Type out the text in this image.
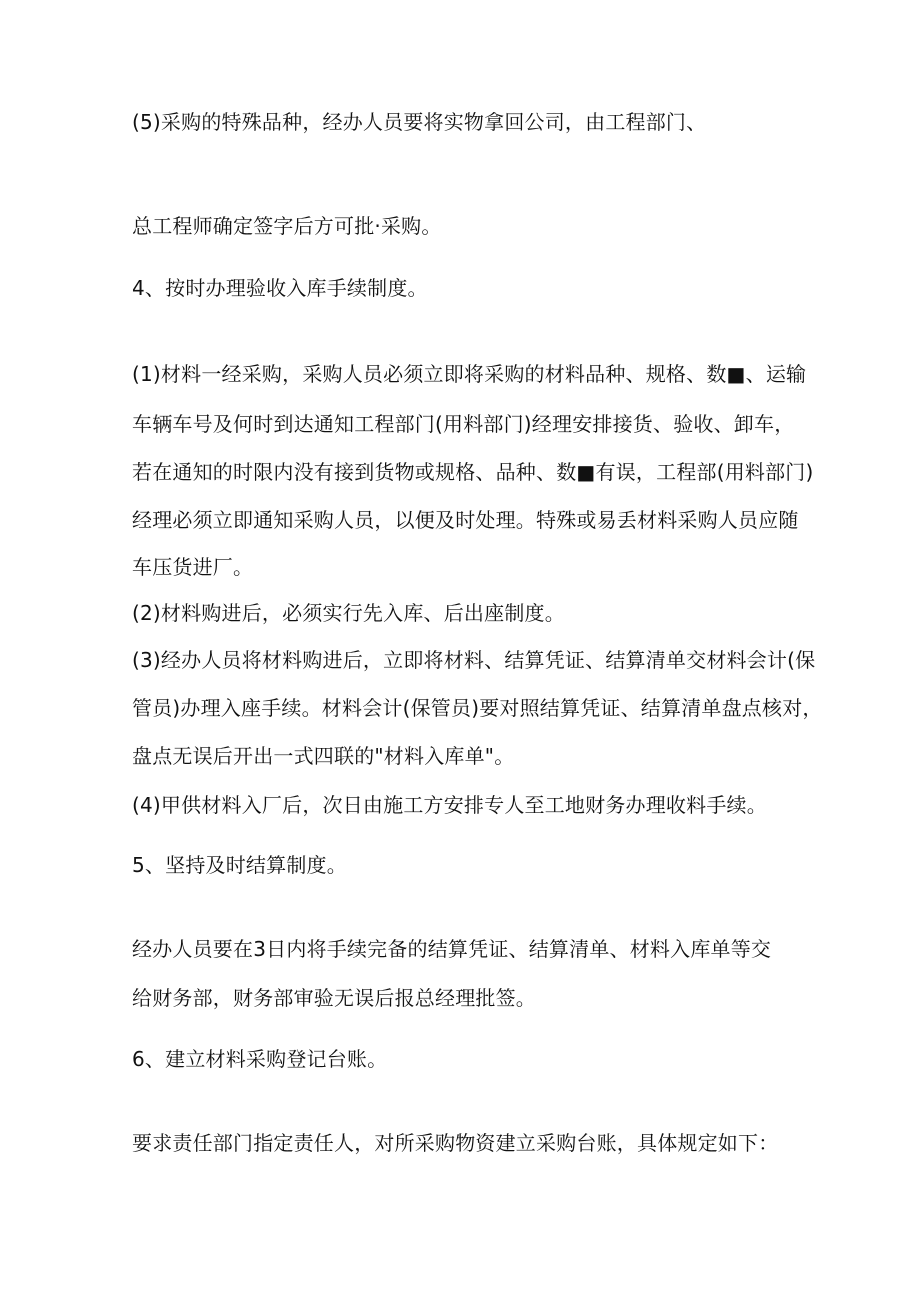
(5)采购的特殊品种，经办人员要将实物拿回公司，由工程部门、
总工程师确定签字后方可批·采购。
4、按时办理验收入库手续制度。
(1)材料一经采购，采购人员必须立即将采购的材料品种、规格、数■、运输
车辆车号及何时到达通知工程部门(用料部门)经理安排接货、验收、卸车，
若在通知的时限内没有接到货物或规格、品种、数■有误，工程部(用料部门)
经理必须立即通知采购人员，以便及时处理。特殊或易丢材料采购人员应随
车压货进厂。
(2)材料购进后，必须实行先入库、后出座制度。
(3)经办人员将材料购进后，立即将材料、结算凭证、结算清单交材料会计(保
管员)办理入座手续。材料会计(保管员)要对照结算凭证、结算清单盘点核对，
盘点无误后开出一式四联的"材料入库单"。
(4)甲供材料入厂后，次日由施工方安排专人至工地财务办理收料手续。
5、坚持及时结算制度。
经办人员要在3日内将手续完备的结算凭证、结算清单、材料入库单等交
给财务部，财务部审验无误后报总经理批签。
6、建立材料采购登记台账。
要求责任部门指定责任人，对所采购物资建立采购台账，具体规定如下：
